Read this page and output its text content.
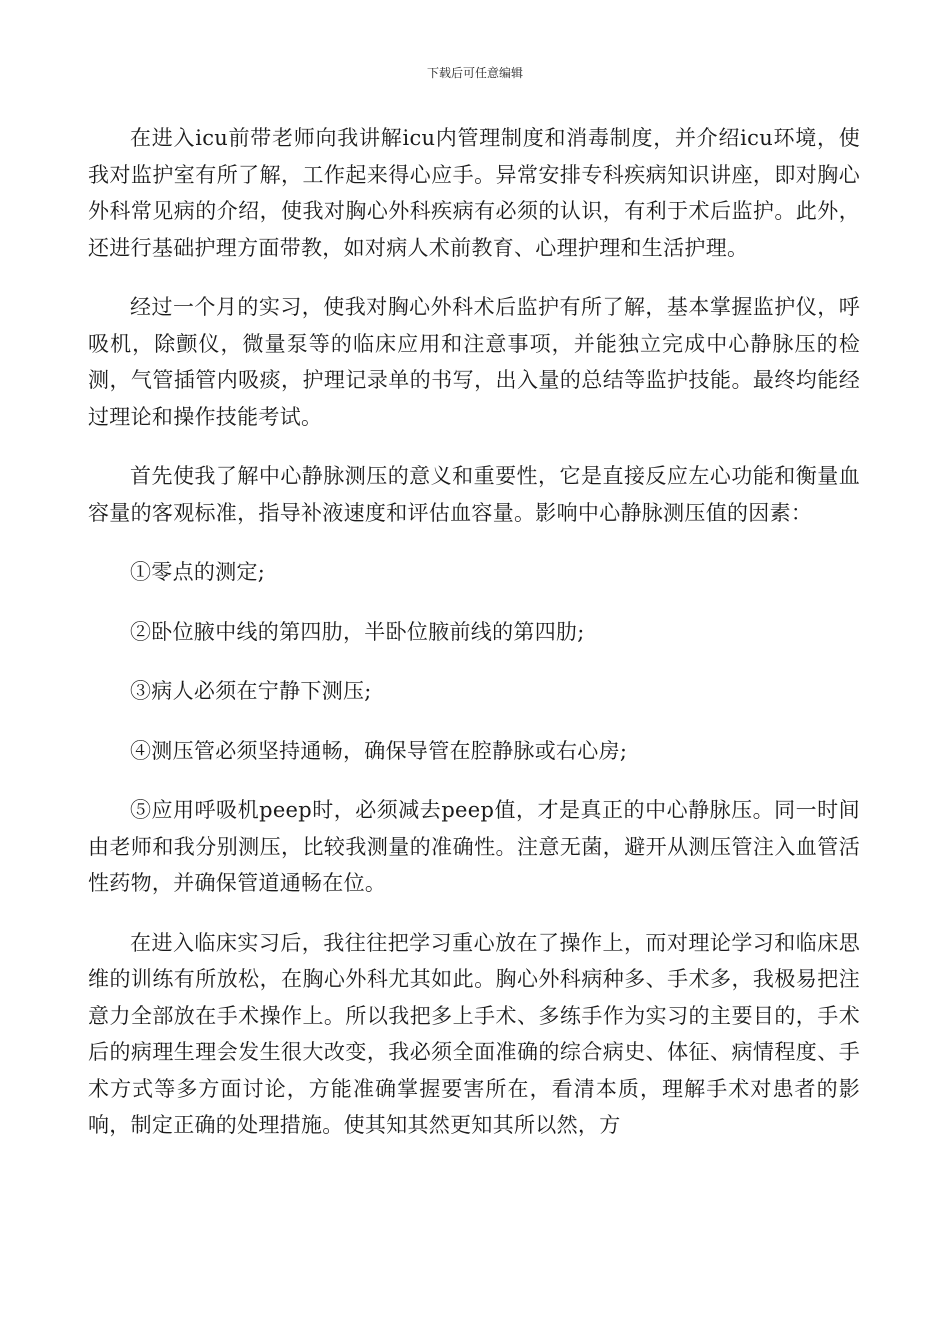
下载后可任意编辑

在进入icu前带老师向我讲解icu内管理制度和消毒制度，并介绍icu环境，使我对监护室有所了解，工作起来得心应手。异常安排专科疾病知识讲座，即对胸心外科常见病的介绍，使我对胸心外科疾病有必须的认识，有利于术后监护。此外，还进行基础护理方面带教，如对病人术前教育、心理护理和生活护理。

经过一个月的实习，使我对胸心外科术后监护有所了解，基本掌握监护仪，呼吸机，除颤仪，微量泵等的临床应用和注意事项，并能独立完成中心静脉压的检测，气管插管内吸痰，护理记录单的书写，出入量的总结等监护技能。最终均能经过理论和操作技能考试。

首先使我了解中心静脉测压的意义和重要性，它是直接反应左心功能和衡量血容量的客观标准，指导补液速度和评估血容量。影响中心静脉测压值的因素：

①零点的测定;

②卧位腋中线的第四肋，半卧位腋前线的第四肋;

③病人必须在宁静下测压;

④测压管必须坚持通畅，确保导管在腔静脉或右心房;

⑤应用呼吸机peep时，必须减去peep值，才是真正的中心静脉压。同一时间由老师和我分别测压，比较我测量的准确性。注意无菌，避开从测压管注入血管活性药物，并确保管道通畅在位。

在进入临床实习后，我往往把学习重心放在了操作上，而对理论学习和临床思维的训练有所放松，在胸心外科尤其如此。胸心外科病种多、手术多，我极易把注意力全部放在手术操作上。所以我把多上手术、多练手作为实习的主要目的，手术后的病理生理会发生很大改变，我必须全面准确的综合病史、体征、病情程度、手术方式等多方面讨论，方能准确掌握要害所在，看清本质，理解手术对患者的影响，制定正确的处理措施。使其知其然更知其所以然，方
